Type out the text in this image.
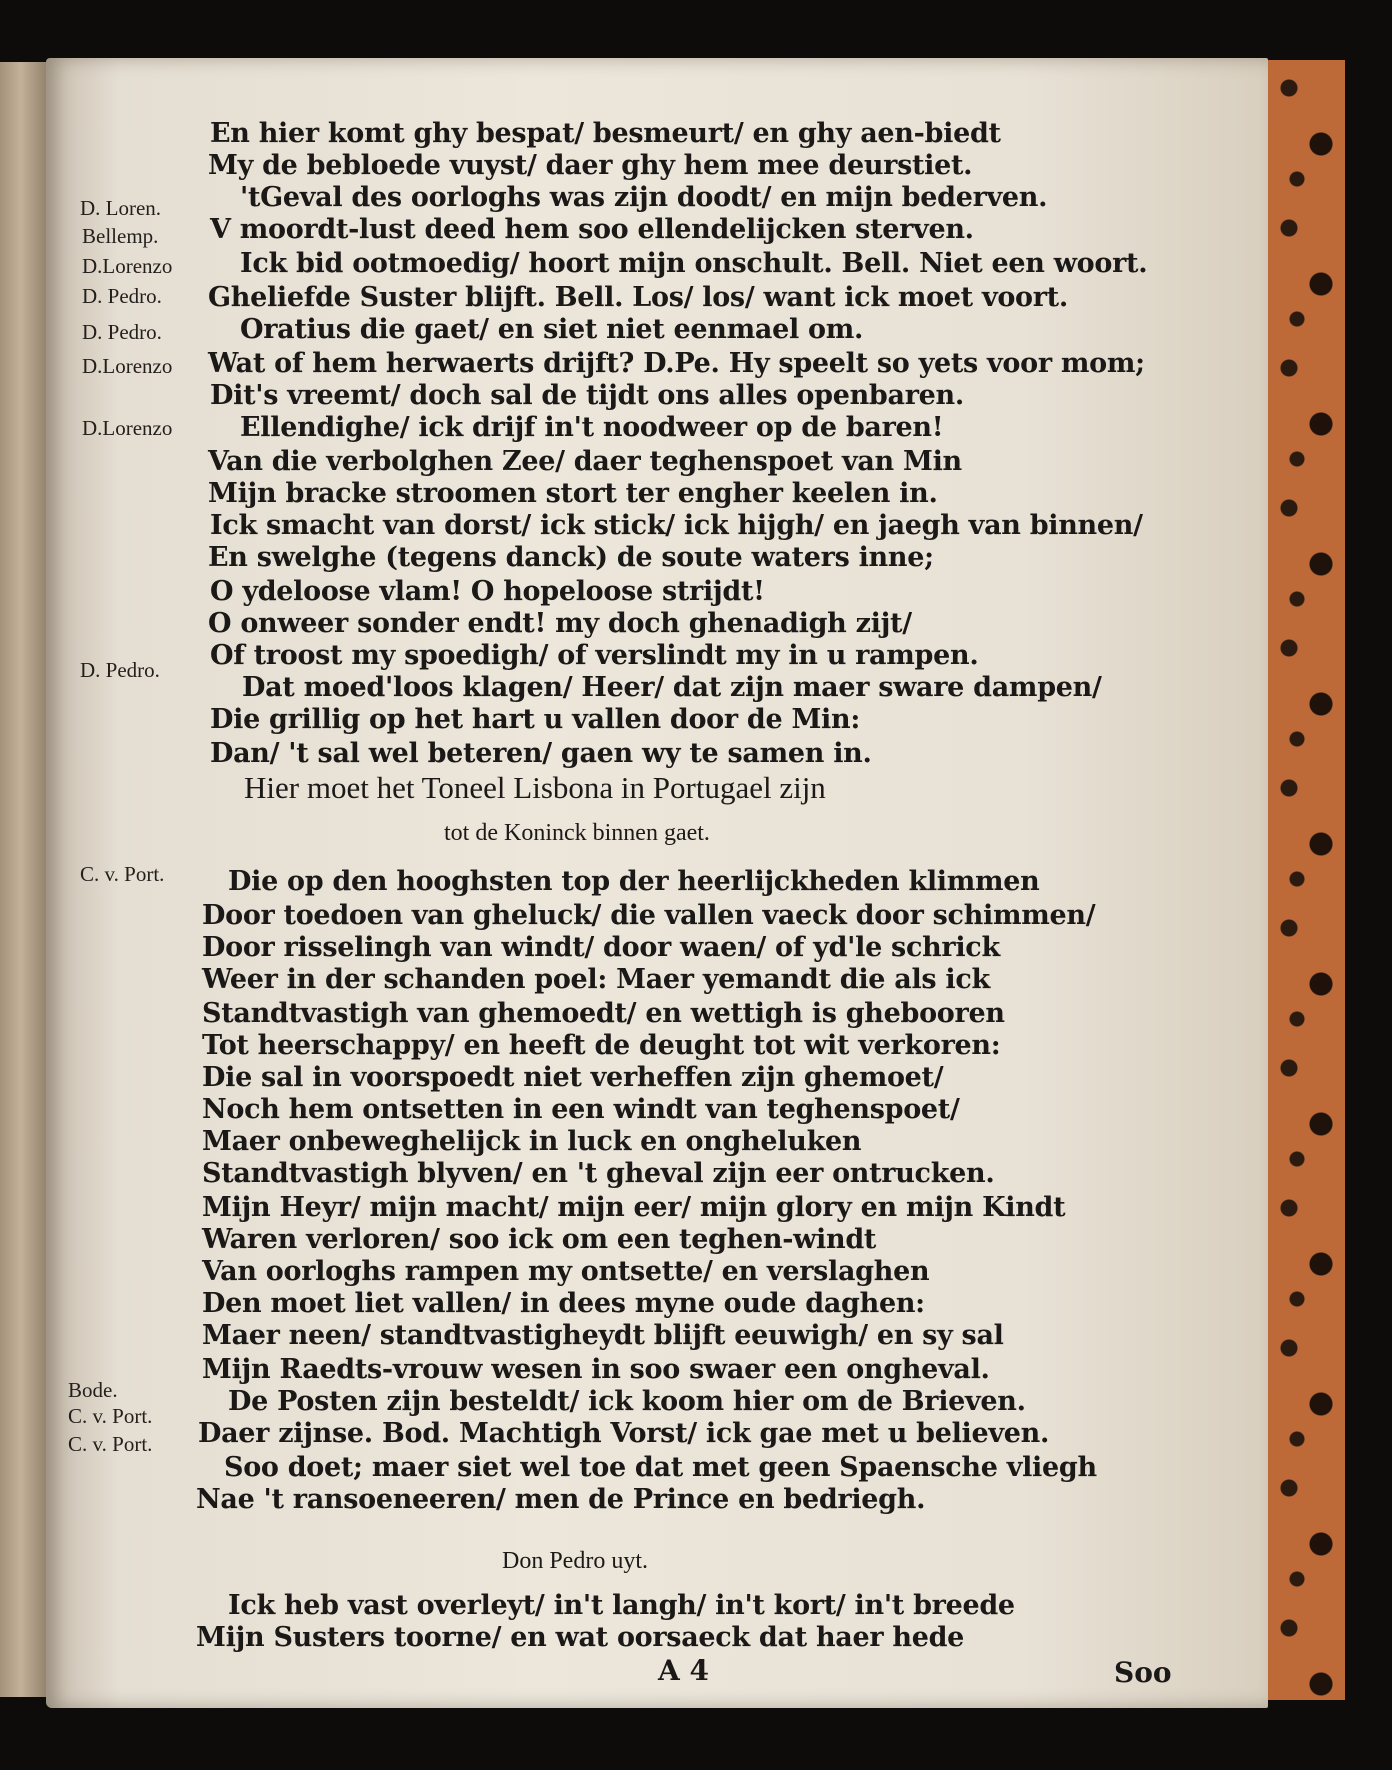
D. Loren.
Bellemp.
D.Lorenzo
D. Pedro.
D. Pedro.
D.Lorenzo
D.Lorenzo
D. Pedro.
C. v. Port.
Bode.
C. v. Port.
C. v. Port.
En hier komt ghy bespat/ besmeurt/ en ghy aen-biedt
My de bebloede vuyst/ daer ghy hem mee deurstiet.
'tGeval des oorloghs was zijn doodt/ en mijn bederven.
V moordt-lust deed hem soo ellendelijcken sterven.
Ick bid ootmoedig/ hoort mijn onschult. Bell. Niet een woort.
Gheliefde Suster blijft. Bell. Los/ los/ want ick moet voort.
Oratius die gaet/ en siet niet eenmael om.
Wat of hem herwaerts drijft? D.Pe. Hy speelt so yets voor mom;
Dit's vreemt/ doch sal de tijdt ons alles openbaren.
Ellendighe/ ick drijf in't noodweer op de baren!
Van die verbolghen Zee/ daer teghenspoet van Min
Mijn bracke stroomen stort ter engher keelen in.
Ick smacht van dorst/ ick stick/ ick hijgh/ en jaegh van binnen/
En swelghe (tegens danck) de soute waters inne;
O ydeloose vlam! O hopeloose strijdt!
O onweer sonder endt! my doch ghenadigh zijt/
Of troost my spoedigh/ of verslindt my in u rampen.
Dat moed'loos klagen/ Heer/ dat zijn maer sware dampen/
Die grillig op het hart u vallen door de Min:
Dan/ 't sal wel beteren/ gaen wy te samen in.
Hier moet het Toneel Lisbona in Portugael zijn
tot de Koninck binnen gaet.
Die op den hooghsten top der heerlijckheden klimmen
Door toedoen van gheluck/ die vallen vaeck door schimmen/
Door risselingh van windt/ door waen/ of yd'le schrick
Weer in der schanden poel: Maer yemandt die als ick
Standtvastigh van ghemoedt/ en wettigh is ghebooren
Tot heerschappy/ en heeft de deught tot wit verkoren:
Die sal in voorspoedt niet verheffen zijn ghemoet/
Noch hem ontsetten in een windt van teghenspoet/
Maer onbeweghelijck in luck en ongheluken
Standtvastigh blyven/ en 't gheval zijn eer ontrucken.
Mijn Heyr/ mijn macht/ mijn eer/ mijn glory en mijn Kindt
Waren verloren/ soo ick om een teghen-windt
Van oorloghs rampen my ontsette/ en verslaghen
Den moet liet vallen/ in dees myne oude daghen:
Maer neen/ standtvastigheydt blijft eeuwigh/ en sy sal
Mijn Raedts-vrouw wesen in soo swaer een ongheval.
De Posten zijn besteldt/ ick koom hier om de Brieven.
Daer zijnse. Bod. Machtigh Vorst/ ick gae met u believen.
Soo doet; maer siet wel toe dat met geen Spaensche vliegh
Nae 't ransoeneeren/ men de Prince en bedriegh.
Don Pedro uyt.
Ick heb vast overleyt/ in't langh/ in't kort/ in't breede
Mijn Susters toorne/ en wat oorsaeck dat haer hede
A 4	Soo
